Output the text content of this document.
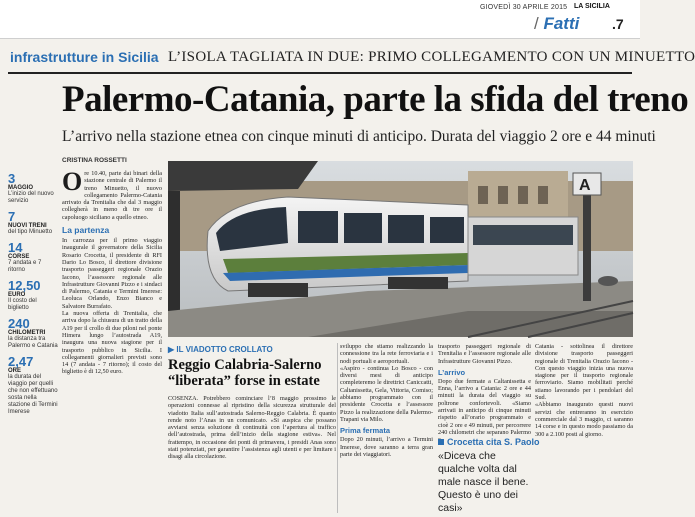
GIOVEDÌ 30 APRILE 2015 LA SICILIA
/ Fatti .7
infrastrutture in Sicilia L’ISOLA TAGLIATA IN DUE: PRIMO COLLEGAMENTO CON UN MINUETTO
Palermo-Catania, parte la sfida del treno
L’arrivo nella stazione etnea con cinque minuti di anticipo. Durata del viaggio 2 ore e 44 minuti
CRISTINA ROSSETTI
3
MAGGIO
L’inizio del nuovo servizio
7
NUOVI TRENI
del tipo Minuetto
14
CORSE
7 andata e 7 ritorno
12,50
EURO
Il costo del biglietto
240
CHILOMETRI
la distanza tra Palermo e Catania
2,47
ORE
la durata del viaggio per quelli che non effettuano sosta nella stazione di Termini Imerese
Ore 10.40, parte dai binari della stazione centrale di Palermo il treno Minuetto, il nuovo collegamento Palermo-Catania arrivato da Trenitalia che dal 3 maggio collegherà in meno di tre ore il capoluogo siciliano a quello etneo.
La partenza
In carrozza per il primo viaggio inaugurale il governatore della Sicilia Rosario Crocetta, il presidente di RFI Dario Lo Bosco, il direttore divisione trasporto passeggeri regionale Orazio Iacono, l’assessore regionale alle Infrastrutture Giovanni Pizzo e i sindaci di Palermo, Catania e Termini Imerese: Leoluca Orlando, Enzo Bianco e Salvatore Burrafato.
La nuova offerta di Trenitalia, che arriva dopo la chiusura di un tratto della A19 per il crollo di due piloni nel ponte Himera lungo l’autostrada A19, inaugura una nuova stagione per il trasporto pubblico in Sicilia. I collegamenti giornalieri previsti sono 14 (7 andata - 7 ritorno); il costo del biglietto è di 12,50 euro.
A
▶ IL VIADOTTO CROLLATO
Reggio Calabria-Salerno “liberata” forse in estate
COSENZA. Potrebbero cominciare l’8 maggio prossimo le operazioni connesse al ripristino della sicurezza strutturale del viadotto Italia sull’autostrada Salerno-Reggio Calabria. È quanto rende noto l’Anas in un comunicato. «Si auspica che possano avviarsi senza soluzione di continuità con l’apertura al traffico dell’autostrada, prima dell’inizio della stagione estiva». Nel frattempo, in occasione dei ponti di primavera, i presidi Anas sono stati potenziati, per garantire l’assistenza agli utenti e per limitare i disagi alla circolazione.
sviluppo che stiamo realizzando la connessione tra la rete ferroviaria e i nodi portuali e aeroportuali.
«Aspiro - continua Lo Bosco - con diversi mesi di anticipo completeremo le direttrici Caniccatti, Caltanissetta, Gela, Vittoria, Comiso; abbiamo programmato con il presidente Crocetta e l’assessore Pizzo la realizzazione della Palermo-Trapani via Milo.
Prima fermata
Dopo 20 minuti, l’arrivo a Termini Imerese, dove saranno a terra gran parte dei viaggiatori.
trasporto passeggeri regionale di Trenitalia e l’assessore regionale alle Infrastrutture Giovanni Pizzo.
L’arrivo
Dopo due fermate a Caltanissetta e Enna, l’arrivo a Catania: 2 ore e 44 minuti la durata del viaggio su poltrone confortevoli. «Siamo arrivati in anticipo di cinque minuti rispetto all’orario programmato e cioè 2 ore e 49 minuti, per percorrere 240 chilometri che separano Palermo
Crocetta cita S. Paolo
«Diceva che qualche volta dal male nasce il bene. Questo è uno dei casi»
Catania - sottolinea il direttore divisione trasporto passeggeri regionale di Trenitalia Orazio Iacono - Con questo viaggio inizia una nuova stagione per il trasporto regionale ferroviario. Siamo mobilitati perché stiamo lavorando per i pendolari del Sud.
«Abbiamo inaugurato questi nuovi servizi che entreranno in esercizio commerciale dal 3 maggio, ci saranno 14 corse e in questo modo passiamo da 300 a 2.100 posti al giorno.
